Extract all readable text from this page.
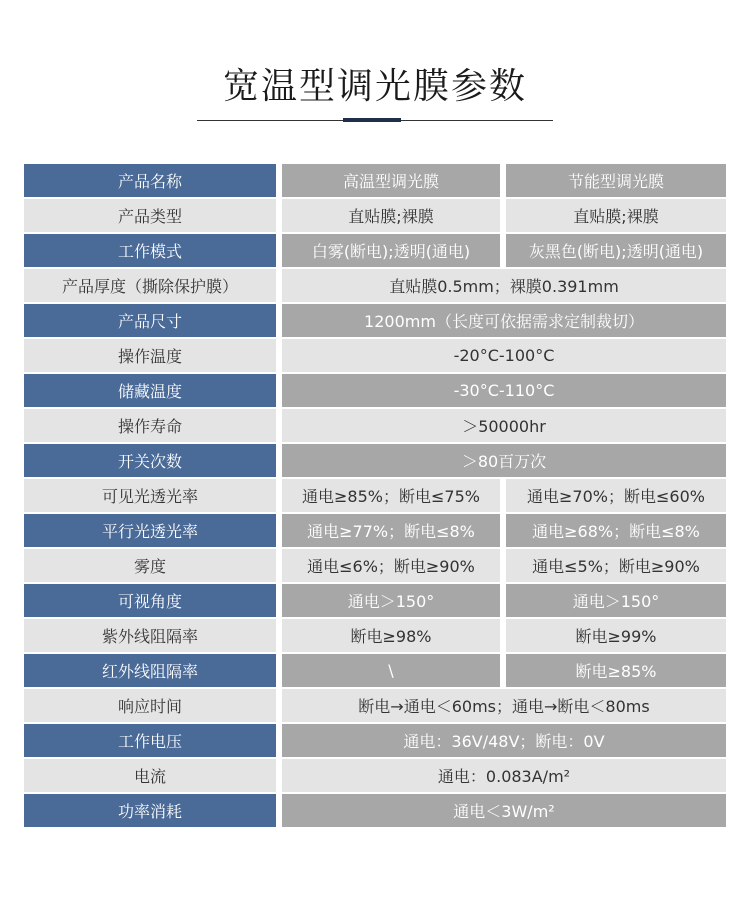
宽温型调光膜参数
产品名称	高温型调光膜	节能型调光膜
产品类型	直贴膜;裸膜	直贴膜;裸膜
工作模式	白雾(断电);透明(通电)	灰黑色(断电);透明(通电)
产品厚度（撕除保护膜）	直贴膜0.5mm；裸膜0.391mm
产品尺寸	1200mm（长度可依据需求定制裁切）
操作温度	-20°C-100°C
储藏温度	-30°C-110°C
操作寿命	＞50000hr
开关次数	＞80百万次
可见光透光率	通电≥85%；断电≤75%	通电≥70%；断电≤60%
平行光透光率	通电≥77%；断电≤8%	通电≥68%；断电≤8%
雾度	通电≤6%；断电≥90%	通电≤5%；断电≥90%
可视角度	通电＞150°	通电＞150°
紫外线阻隔率	断电≥98%	断电≥99%
红外线阻隔率	\	断电≥85%
响应时间	断电→通电＜60ms；通电→断电＜80ms
工作电压	通电：36V/48V；断电：0V
电流	通电：0.083A/m²
功率消耗	通电＜3W/m²
